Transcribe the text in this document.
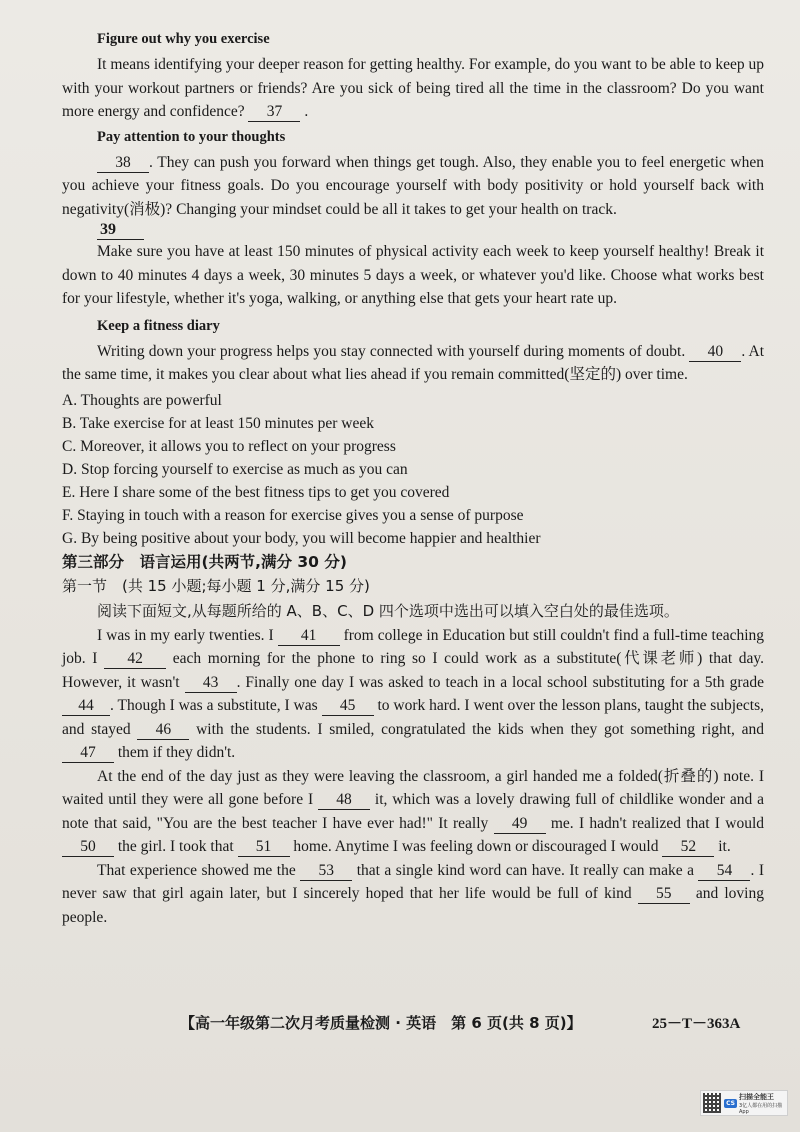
Figure out why you exercise

It means identifying your deeper reason for getting healthy. For example, do you want to be able to keep up with your workout partners or friends? Are you sick of being tired all the time in the classroom? Do you want more energy and confidence? 37 .

Pay attention to your thoughts

38 . They can push you forward when things get tough. Also, they enable you to feel energetic when you achieve your fitness goals. Do you encourage yourself with body positivity or hold yourself back with negativity(消极)? Changing your mindset could be all it takes to get your health on track.

39

Make sure you have at least 150 minutes of physical activity each week to keep yourself healthy! Break it down to 40 minutes 4 days a week, 30 minutes 5 days a week, or whatever you'd like. Choose what works best for your lifestyle, whether it's yoga, walking, or anything else that gets your heart rate up.

Keep a fitness diary

Writing down your progress helps you stay connected with yourself during moments of doubt. 40 . At the same time, it makes you clear about what lies ahead if you remain committed(坚定的) over time.

A. Thoughts are powerful
B. Take exercise for at least 150 minutes per week
C. Moreover, it allows you to reflect on your progress
D. Stop forcing yourself to exercise as much as you can
E. Here I share some of the best fitness tips to get you covered
F. Staying in touch with a reason for exercise gives you a sense of purpose
G. By being positive about your body, you will become happier and healthier
第三部分　语言运用(共两节,满分 30 分)
第一节　(共 15 小题;每小题 1 分,满分 15 分)
阅读下面短文,从每题所给的 A、B、C、D 四个选项中选出可以填入空白处的最佳选项。

I was in my early twenties. I 41 from college in Education but still couldn't find a full-time teaching job. I 42 each morning for the phone to ring so I could work as a substitute(代课老师) that day. However, it wasn't 43 . Finally one day I was asked to teach in a local school substituting for a 5th grade 44 . Though I was a substitute, I was 45 to work hard. I went over the lesson plans, taught the subjects, and stayed 46 with the students. I smiled, congratulated the kids when they got something right, and 47 them if they didn't.

At the end of the day just as they were leaving the classroom, a girl handed me a folded(折叠的) note. I waited until they were all gone before I 48 it, which was a lovely drawing full of childlike wonder and a note that said, "You are the best teacher I have ever had!" It really 49 me. I hadn't realized that I would 50 the girl. I took that 51 home. Anytime I was feeling down or discouraged I would 52 it.

That experience showed me the 53 that a single kind word can have. It really can make a 54 . I never saw that girl again later, but I sincerely hoped that her life would be full of kind 55 and loving people.

【高一年级第二次月考质量检测 · 英语　第 6 页(共 8 页)】	25－T－363A
CS
扫描全能王
3亿人都在用的扫描App
